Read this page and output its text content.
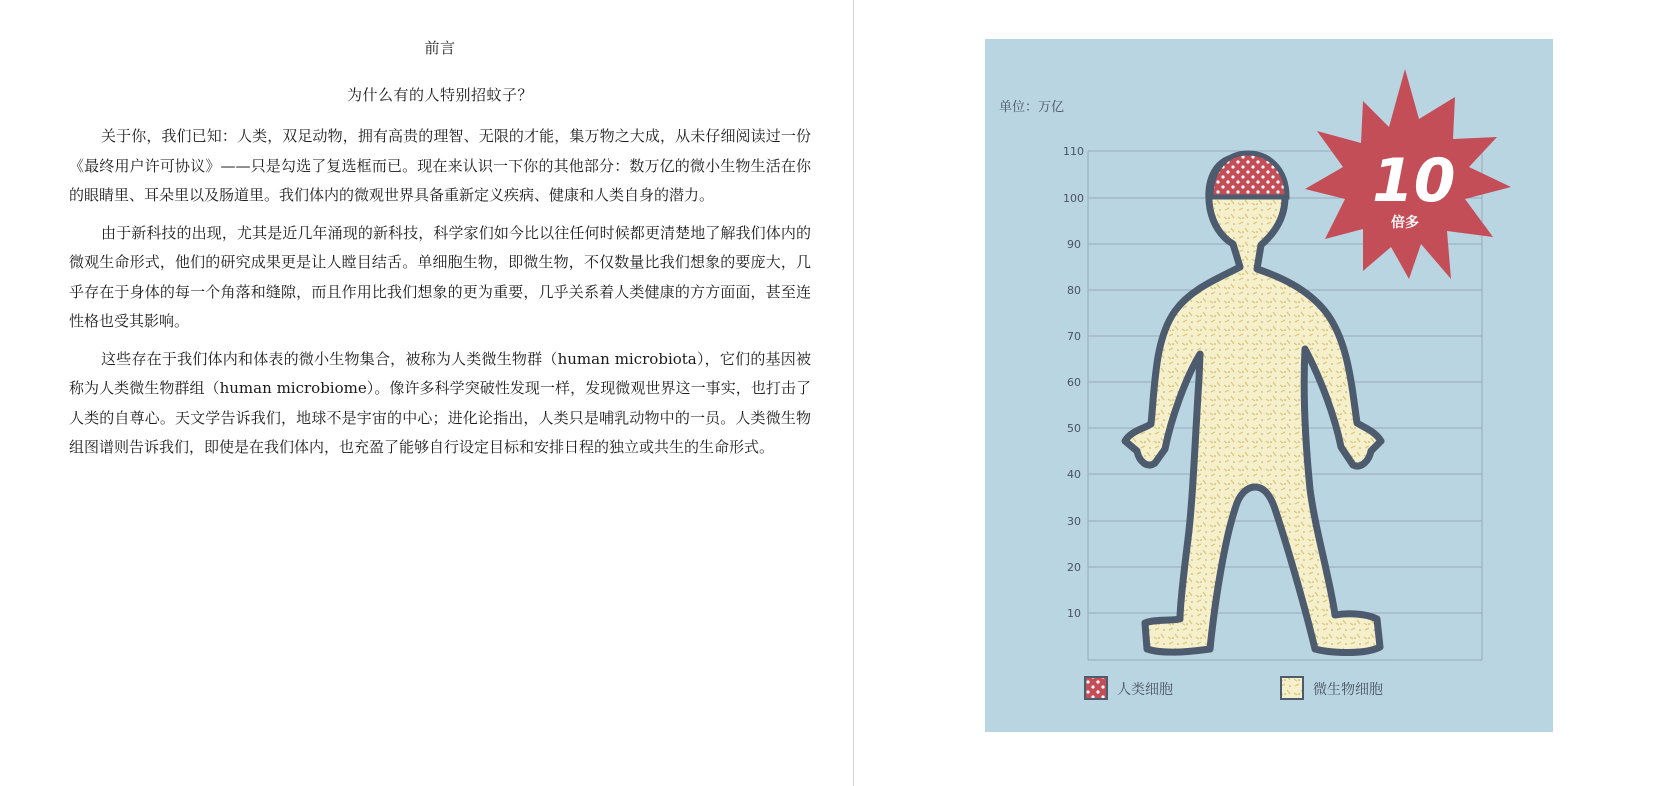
前言
为什么有的人特别招蚊子？

关于你，我们已知：人类，双足动物，拥有高贵的理智、无限的才能，集万物之大成，从未仔细阅读过一份《最终用户许可协议》——只是勾选了复选框而已。现在来认识一下你的其他部分：数万亿的微小生物生活在你的眼睛里、耳朵里以及肠道里。我们体内的微观世界具备重新定义疾病、健康和人类自身的潜力。

由于新科技的出现，尤其是近几年涌现的新科技，科学家们如今比以往任何时候都更清楚地了解我们体内的微观生命形式，他们的研究成果更是让人瞠目结舌。单细胞生物，即微生物，不仅数量比我们想象的要庞大，几乎存在于身体的每一个角落和缝隙，而且作用比我们想象的更为重要，几乎关系着人类健康的方方面面，甚至连性格也受其影响。

这些存在于我们体内和体表的微小生物集合，被称为人类微生物群（human microbiota），它们的基因被称为人类微生物群组（human microbiome）。像许多科学突破性发现一样，发现微观世界这一事实，也打击了人类的自尊心。天文学告诉我们，地球不是宇宙的中心；进化论指出，人类只是哺乳动物中的一员。人类微生物组图谱则告诉我们，即使是在我们体内，也充盈了能够自行设定目标和安排日程的独立或共生的生命形式。

单位：万亿
110
100
90
80
70
60
50
40
30
20
10
10
倍多
人类细胞	微生物细胞
